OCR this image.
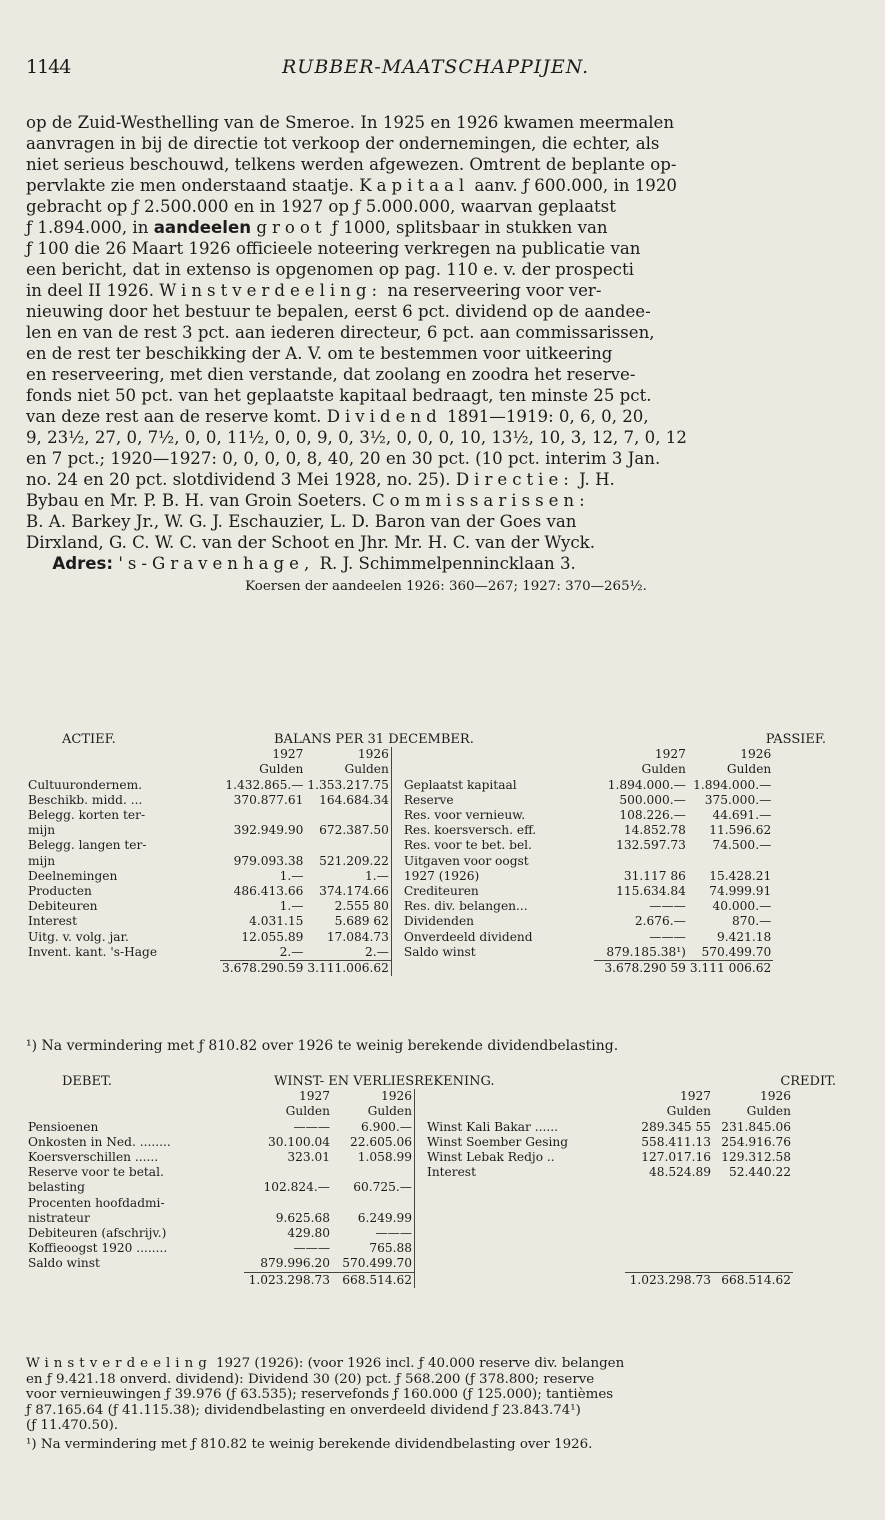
1144	RUBBER-MAATSCHAPPIJEN.

op de Zuid-Westhelling van de Smeroe. In 1925 en 1926 kwamen meermalen

aanvragen in bij de directie tot verkoop der ondernemingen, die echter, als

niet serieus beschouwd, telkens werden afgewezen. Omtrent de beplante op-

pervlakte zie men onderstaand staatje. Kapitaal aanv. ƒ 600.000, in 1920

gebracht op ƒ 2.500.000 en in 1927 op ƒ 5.000.000, waarvan geplaatst

ƒ 1.894.000, in aandeelen groot ƒ 1000, splitsbaar in stukken van

ƒ 100 die 26 Maart 1926 officieele noteering verkregen na publicatie van

een bericht, dat in extenso is opgenomen op pag. 110 e. v. der prospecti

in deel II 1926. Winstverdeeling: na reserveering voor ver-

nieuwing door het bestuur te bepalen, eerst 6 pct. dividend op de aandee-

len en van de rest 3 pct. aan iederen directeur, 6 pct. aan commissarissen,

en de rest ter beschikking der A. V. om te bestemmen voor uitkeering

en reserveering, met dien verstande, dat zoolang en zoodra het reserve-

fonds niet 50 pct. van het geplaatste kapitaal bedraagt, ten minste 25 pct.

van deze rest aan de reserve komt. Dividend 1891—1919: 0, 6, 0, 20,

9, 23½, 27, 0, 7½, 0, 0, 11½, 0, 0, 9, 0, 3½, 0, 0, 0, 10, 13½, 10, 3, 12, 7, 0, 12

en 7 pct.; 1920—1927: 0, 0, 0, 0, 8, 40, 20 en 30 pct. (10 pct. interim 3 Jan.

no. 24 en 20 pct. slotdividend 3 Mei 1928, no. 25). Directie: J. H.

Bybau en Mr. P. B. H. van Groin Soeters. Commissarissen:

B. A. Barkey Jr., W. G. J. Eschauzier, L. D. Baron van der Goes van

Dirxland, G. C. W. C. van der Schoot en Jhr. Mr. H. C. van der Wyck.

Adres: 's-Gravenhage, R. J. Schimmelpennincklaan 3.

Koersen der aandeelen 1926: 360—267; 1927: 370—265½.

ACTIEF.	BALANS PER 31 DECEMBER.					PASSIEF.	
	1927	1926			1927	1926	
	Gulden	Gulden			Gulden	Gulden	
Cultuurondernem.	1.432.865.—	1.353.217.75		Geplaatst kapitaal	1.894.000.—	1.894.000.—	
Beschikb. midd. ...	370.877.61	164.684.34		Reserve	500.000.—	375.000.—	
Belegg. korten ter-				Res. voor vernieuw.	108.226.—	44.691.—	
mijn	392.949.90	672.387.50		Res. koersversch. eff.	14.852.78	11.596.62	
Belegg. langen ter-				Res. voor te bet. bel.	132.597.73	74.500.—	
mijn	979.093.38	521.209.22		Uitgaven voor oogst			
Deelnemingen	1.—	1.—		1927 (1926)	31.117 86	15.428.21	
Producten	486.413.66	374.174.66		Crediteuren	115.634.84	74.999.91	
Debiteuren	1.—	2.555 80		Res. div. belangen...	———	40.000.—	
Interest	4.031.15	5.689 62		Dividenden	2.676.—	870.—	
Uitg. v. volg. jar.	12.055.89	17.084.73		Onverdeeld dividend	———	9.421.18	
Invent. kant. 's-Hage	2.—	2.—		Saldo winst	879.185.38¹)	570.499.70	
	3.678.290.59	3.111.006.62			3.678.290 59	3.111 006.62	
¹) Na vermindering met ƒ 810.82 over 1926 te weinig berekende dividendbelasting.
DEBET.	WINST- EN VERLIESREKENING.					CREDIT.	
	1927	1926			1927	1926	
	Gulden	Gulden			Gulden	Gulden	
Pensioenen	———	6.900.—		Winst Kali Bakar ......	289.345 55	231.845.06	
Onkosten in Ned. ........	30.100.04	22.605.06		Winst Soember Gesing	558.411.13	254.916.76	
Koersverschillen ......	323.01	1.058.99		Winst Lebak Redjo ..	127.017.16	129.312.58	
Reserve voor te betal.				Interest	48.524.89	52.440.22	
belasting	102.824.—	60.725.—					
Procenten hoofdadmi-							
nistrateur	9.625.68	6.249.99					
Debiteuren (afschrijv.)	429.80	———					
Koffieoogst 1920 ........	———	765.88					
Saldo winst	879.996.20	570.499.70					
	1.023.298.73	668.514.62			1.023.298.73	668.514.62	

Winstverdeeling 1927 (1926): (voor 1926 incl. ƒ 40.000 reserve div. belangen

en ƒ 9.421.18 onverd. dividend): Dividend 30 (20) pct. ƒ 568.200 (ƒ 378.800; reserve

voor vernieuwingen ƒ 39.976 (ƒ 63.535); reservefonds ƒ 160.000 (ƒ 125.000); tantièmes

ƒ 87.165.64 (ƒ 41.115.38); dividendbelasting en onverdeeld dividend ƒ 23.843.74¹)

(ƒ 11.470.50).

¹) Na vermindering met ƒ 810.82 te weinig berekende dividendbelasting over 1926.
